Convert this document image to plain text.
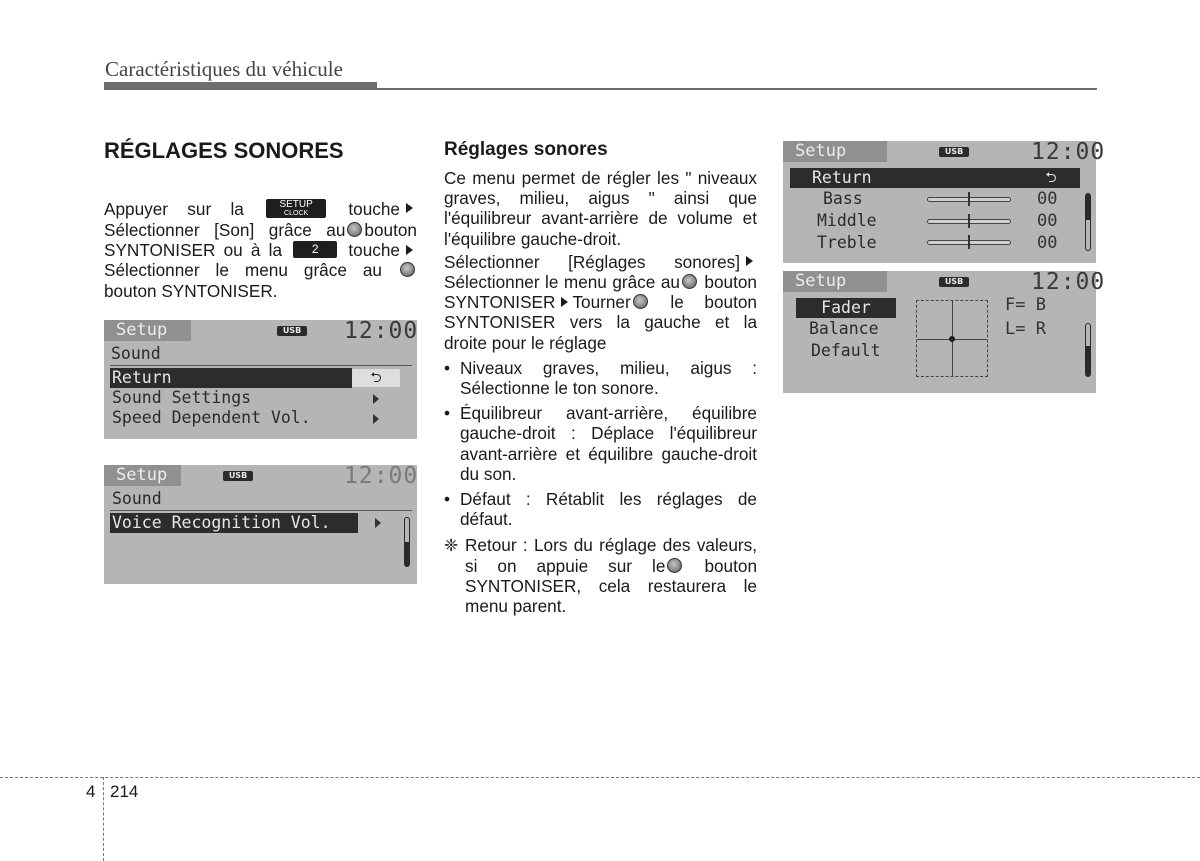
Caractéristiques du véhicule
RÉGLAGES SONORES

Appuyer sur la	SETUP
CLOCK	touche Sélectionner [Son] grâce au bouton SYNTONISER ou à la 2 touche Sélectionner le menu grâce au  bouton SYNTONISER.

Setup	USB 12:00
Sound
Return	⮌
Sound Settings
Speed Dependent Vol.
Setup	USB	12:00
Sound
Voice Recognition Vol.
Réglages sonores

Ce menu permet de régler les " niveaux graves, milieu, aigus " ainsi que l'équilibreur avant-arrière de volume et l'équilibre gauche-droit.

Sélectionner [Réglages sonores] Sélectionner le menu grâce au bouton SYNTONISER Tourner le bouton SYNTONISER vers la gauche et la droite pour le réglage

• Niveaux graves, milieu, aigus : Sélectionne le ton sonore.
• Équilibreur avant-arrière, équilibre gauche-droit : Déplace l'équilibreur avant-arrière et équilibre gauche-droit du son.
• Défaut : Rétablit les réglages de défaut.
❈ Retour : Lors du réglage des valeurs, si on appuie sur le bouton SYNTONISER, cela restaurera le menu parent.
Setup	USB	12:00
Return	⮌
Bass	00
Middle	00
Treble	00
Setup	USB	12:00
Fader
Balance
Default
F= B
L= R
4 214
